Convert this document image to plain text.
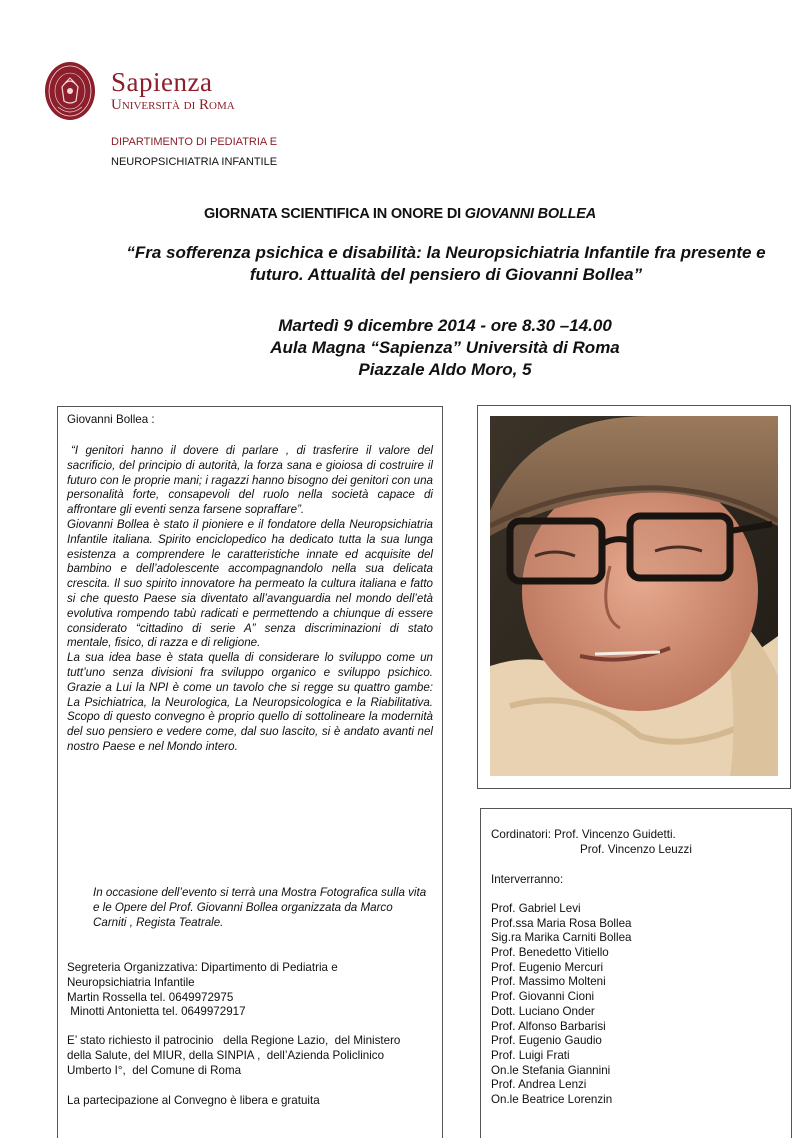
Sapienza
Università di Roma
DIPARTIMENTO DI PEDIATRIA E
NEUROPSICHIATRIA INFANTILE
GIORNATA SCIENTIFICA IN ONORE DI GIOVANNI BOLLEA
“Fra sofferenza psichica e disabilità: la Neuropsichiatria Infantile fra presente e
futuro. Attualità del pensiero di Giovanni Bollea”
Martedì 9 dicembre 2014 - ore 8.30 –14.00
Aula Magna “Sapienza” Università di Roma
Piazzale Aldo Moro, 5
Giovanni Bollea :
“I genitori hanno il dovere di parlare , di trasferire il valore del sacrificio, del principio di autorità, la forza sana e gioiosa di costruire il futuro con le proprie mani; i ragazzi hanno bisogno dei genitori con una personalità forte, consapevoli del ruolo nella società capace di affrontare gli eventi senza farsene sopraffare”.
Giovanni Bollea è stato il pioniere e il fondatore della Neuropsichiatria Infantile italiana. Spirito enciclopedico ha dedicato tutta la sua lunga esistenza a comprendere le caratteristiche innate ed acquisite del bambino e dell’adolescente accompagnandolo nella sua delicata crescita. Il suo spirito innovatore ha permeato la cultura italiana e fatto si che questo Paese sia diventato all’avanguardia nel mondo dell’età evolutiva rompendo tabù radicati e permettendo a chiunque di essere considerato “cittadino di serie A” senza discriminazioni di stato mentale, fisico, di razza e di religione.
La sua idea base è stata quella di considerare lo sviluppo come un tutt’uno senza divisioni fra sviluppo organico e sviluppo psichico. Grazie a Lui la NPI è come un tavolo che si regge su quattro gambe: La Psichiatrica, la Neurologica, La Neuropsicologica e la Riabilitativa. Scopo di questo convegno è proprio quello di sottolineare la modernità del suo pensiero e vedere come, dal suo lascito, si è andato avanti nel nostro Paese e nel Mondo intero.
In occasione dell’evento si terrà una Mostra Fotografica sulla vita e le Opere del Prof. Giovanni Bollea organizzata da Marco Carniti , Regista Teatrale.
Segreteria Organizzativa: Dipartimento di Pediatria e
Neuropsichiatria Infantile
Martin Rossella tel. 0649972975
Minotti Antonietta tel. 0649972917
E’ stato richiesto il patrocinio   della Regione Lazio,  del Ministero della Salute, del MIUR, della SINPIA ,  dell’Azienda Policlinico Umberto I°,  del Comune di Roma
La partecipazione al Convegno è libera e gratuita
Cordinatori: Prof. Vincenzo Guidetti.
Prof. Vincenzo Leuzzi
Interverranno:
Prof. Gabriel Levi
Prof.ssa Maria Rosa Bollea
Sig.ra Marika Carniti Bollea
Prof. Benedetto Vitiello
Prof. Eugenio Mercuri
Prof. Massimo Molteni
Prof. Giovanni Cioni
Dott. Luciano Onder
Prof. Alfonso Barbarisi
Prof. Eugenio Gaudio
Prof. Luigi Frati
On.le Stefania Giannini
Prof. Andrea Lenzi
On.le Beatrice Lorenzin
